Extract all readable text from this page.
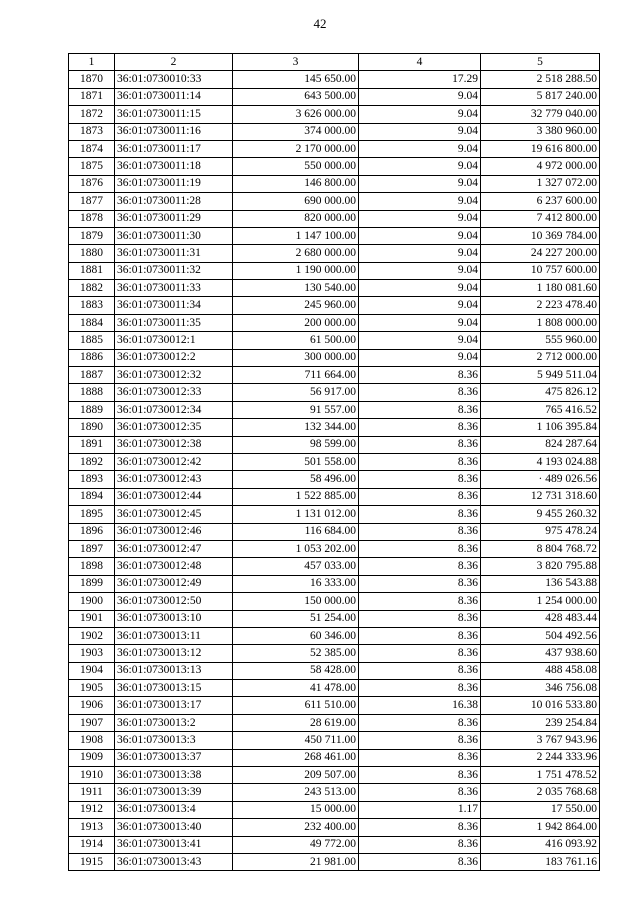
42
1	2	3	4	5
1870	36:01:0730010:33	145 650.00	17.29	2 518 288.50
1871	36:01:0730011:14	643 500.00	9.04	5 817 240.00
1872	36:01:0730011:15	3 626 000.00	9.04	32 779 040.00
1873	36:01:0730011:16	374 000.00	9.04	3 380 960.00
1874	36:01:0730011:17	2 170 000.00	9.04	19 616 800.00
1875	36:01:0730011:18	550 000.00	9.04	4 972 000.00
1876	36:01:0730011:19	146 800.00	9.04	1 327 072.00
1877	36:01:0730011:28	690 000.00	9.04	6 237 600.00
1878	36:01:0730011:29	820 000.00	9.04	7 412 800.00
1879	36:01:0730011:30	1 147 100.00	9.04	10 369 784.00
1880	36:01:0730011:31	2 680 000.00	9.04	24 227 200.00
1881	36:01:0730011:32	1 190 000.00	9.04	10 757 600.00
1882	36:01:0730011:33	130 540.00	9.04	1 180 081.60
1883	36:01:0730011:34	245 960.00	9.04	2 223 478.40
1884	36:01:0730011:35	200 000.00	9.04	1 808 000.00
1885	36:01:0730012:1	61 500.00	9.04	555 960.00
1886	36:01:0730012:2	300 000.00	9.04	2 712 000.00
1887	36:01:0730012:32	711 664.00	8.36	5 949 511.04
1888	36:01:0730012:33	56 917.00	8.36	475 826.12
1889	36:01:0730012:34	91 557.00	8.36	765 416.52
1890	36:01:0730012:35	132 344.00	8.36	1 106 395.84
1891	36:01:0730012:38	98 599.00	8.36	824 287.64
1892	36:01:0730012:42	501 558.00	8.36	4 193 024.88
1893	36:01:0730012:43	58 496.00	8.36	· 489 026.56
1894	36:01:0730012:44	1 522 885.00	8.36	12 731 318.60
1895	36:01:0730012:45	1 131 012.00	8.36	9 455 260.32
1896	36:01:0730012:46	116 684.00	8.36	975 478.24
1897	36:01:0730012:47	1 053 202.00	8.36	8 804 768.72
1898	36:01:0730012:48	457 033.00	8.36	3 820 795.88
1899	36:01:0730012:49	16 333.00	8.36	136 543.88
1900	36:01:0730012:50	150 000.00	8.36	1 254 000.00
1901	36:01:0730013:10	51 254.00	8.36	428 483.44
1902	36:01:0730013:11	60 346.00	8.36	504 492.56
1903	36:01:0730013:12	52 385.00	8.36	437 938.60
1904	36:01:0730013:13	58 428.00	8.36	488 458.08
1905	36:01:0730013:15	41 478.00	8.36	346 756.08
1906	36:01:0730013:17	611 510.00	16.38	10 016 533.80
1907	36:01:0730013:2	28 619.00	8.36	239 254.84
1908	36:01:0730013:3	450 711.00	8.36	3 767 943.96
1909	36:01:0730013:37	268 461.00	8.36	2 244 333.96
1910	36:01:0730013:38	209 507.00	8.36	1 751 478.52
1911	36:01:0730013:39	243 513.00	8.36	2 035 768.68
1912	36:01:0730013:4	15 000.00	1.17	17 550.00
1913	36:01:0730013:40	232 400.00	8.36	1 942 864.00
1914	36:01:0730013:41	49 772.00	8.36	416 093.92
1915	36:01:0730013:43	21 981.00	8.36	183 761.16
